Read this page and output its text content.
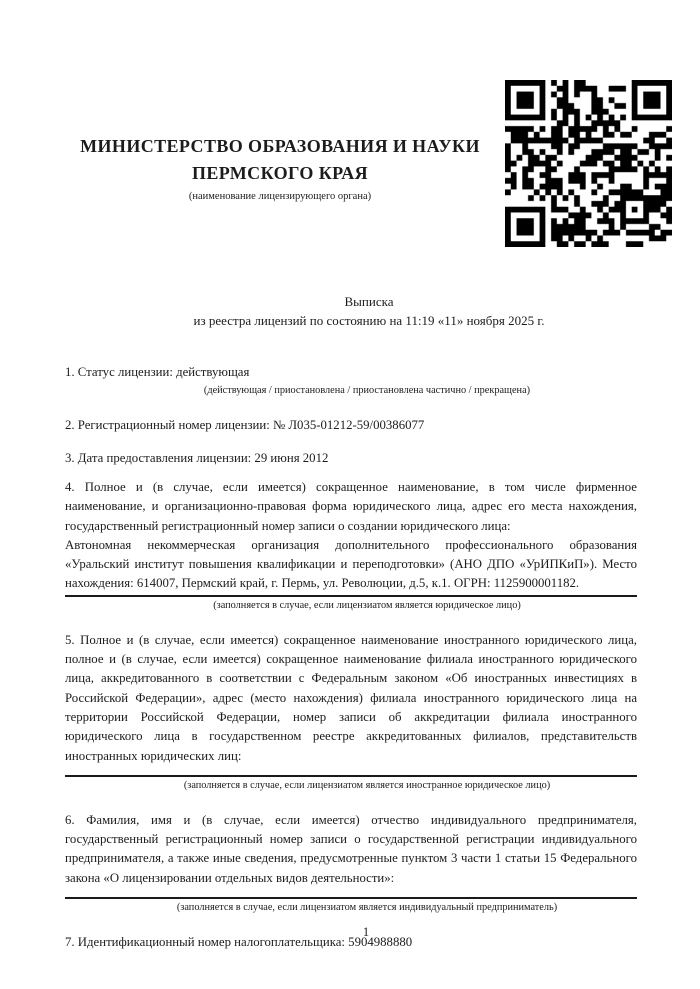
МИНИСТЕРСТВО ОБРАЗОВАНИЯ И НАУКИ
ПЕРМСКОГО КРАЯ
(наименование лицензирующего органа)
Выписка
из реестра лицензий по состоянию на 11:19 «11» ноября 2025 г.

1. Статус лицензии: действующая

(действующая / приостановлена / приостановлена частично / прекращена)

2. Регистрационный номер лицензии: № Л035-01212-59/00386077

3. Дата предоставления лицензии: 29 июня 2012

4. Полное и (в случае, если имеется) сокращенное наименование, в том числе фирменное наименование, и организационно-правовая форма юридического лица, адрес его места нахождения, государственный регистрационный номер записи о создании юридического лица:

Автономная некоммерческая организация дополнительного профессионального образования «Уральский институт повышения квалификации и переподготовки» (АНО ДПО «УрИПКиП»). Место нахождения: 614007, Пермский край, г. Пермь, ул. Революции, д.5, к.1. ОГРН: 1125900001182.
(заполняется в случае, если лицензиатом является юридическое лицо)

5. Полное и (в случае, если имеется) сокращенное наименование иностранного юридического лица, полное и (в случае, если имеется) сокращенное наименование филиала иностранного юридического лица, аккредитованного в соответствии с Федеральным законом «Об иностранных инвестициях в Российской Федерации», адрес (место нахождения) филиала иностранного юридического лица на территории Российской Федерации, номер записи об аккредитации филиала иностранного юридического лица в государственном реестре аккредитованных филиалов, представительств иностранных юридических лиц:

(заполняется в случае, если лицензиатом является иностранное юридическое лицо)

6. Фамилия, имя и (в случае, если имеется) отчество индивидуального предпринимателя, государственный регистрационный номер записи о государственной регистрации индивидуального предпринимателя, а также иные сведения, предусмотренные пунктом 3 части 1 статьи 15 Федерального закона «О лицензировании отдельных видов деятельности»:

(заполняется в случае, если лицензиатом является индивидуальный предприниматель)

7. Идентификационный номер налогоплательщика: 5904988880

1
